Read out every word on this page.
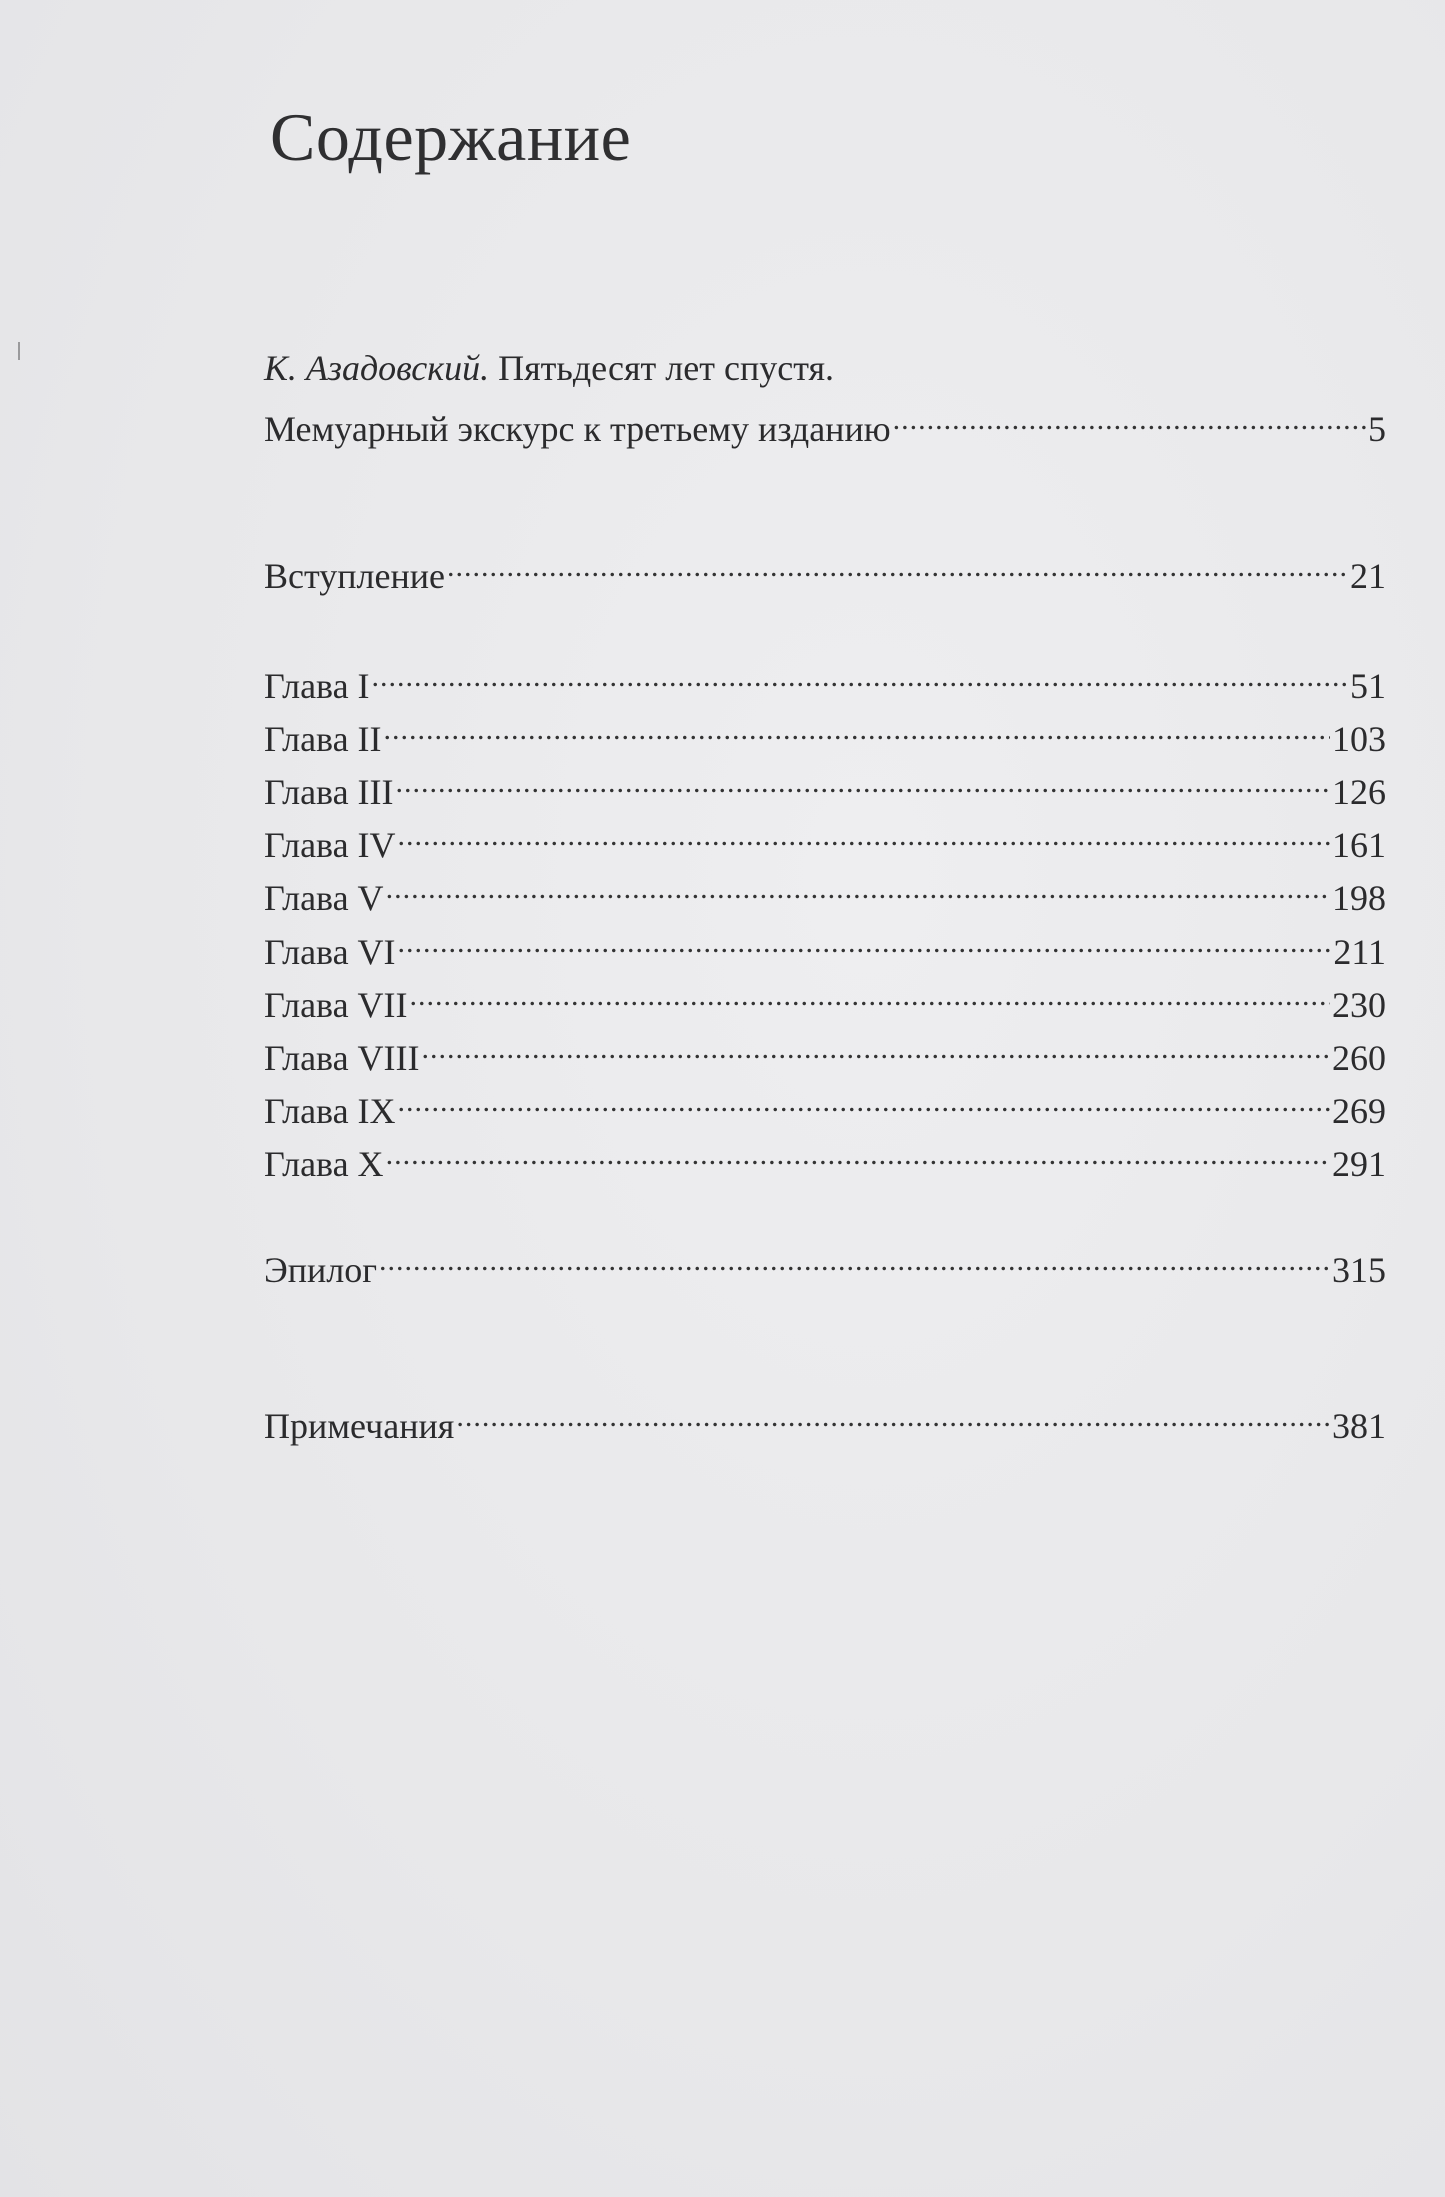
Содержание
К. Азадовский. Пятьдесят лет спустя.
Мемуарный экскурс к третьему изданию .....	5
Вступление .....	21
Глава I .....	51
Глава II .....	103
Глава III .....	126
Глава IV .....	161
Глава V .....	198
Глава VI .....	211
Глава VII .....	230
Глава VIII .....	260
Глава IX .....	269
Глава X .....	291
Эпилог .....	315
Примечания .....	381
